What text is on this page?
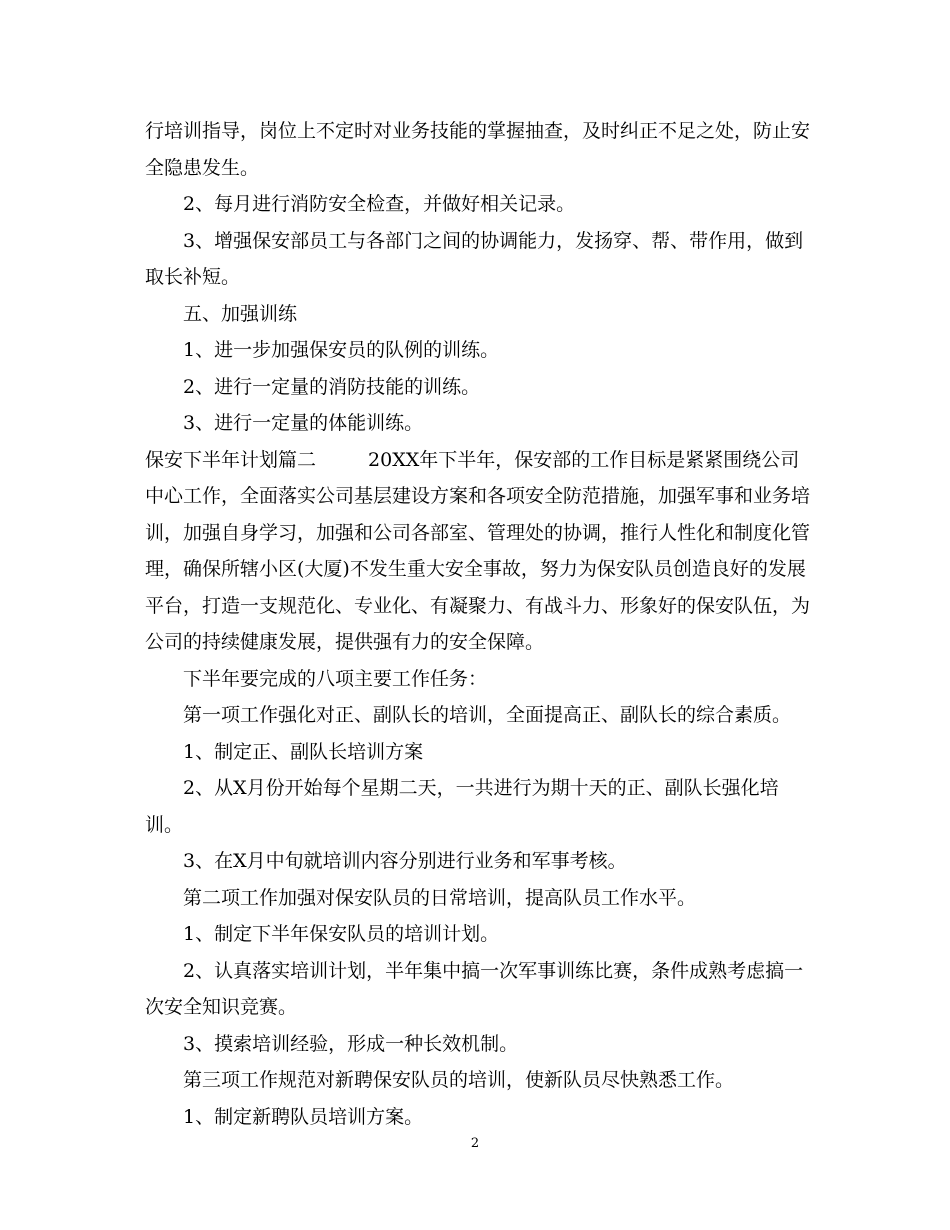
行培训指导，岗位上不定时对业务技能的掌握抽查，及时纠正不足之处，防止安全隐患发生。

2、每月进行消防安全检查，并做好相关记录。

3、增强保安部员工与各部门之间的协调能力，发扬穿、帮、带作用，做到取长补短。

五、加强训练

1、进一步加强保安员的队例的训练。

2、进行一定量的消防技能的训练。

3、进行一定量的体能训练。

保安下半年计划篇二	20XX年下半年，保安部的工作目标是紧紧围绕公司中心工作，全面落实公司基层建设方案和各项安全防范措施，加强军事和业务培训，加强自身学习，加强和公司各部室、管理处的协调，推行人性化和制度化管理，确保所辖小区(大厦)不发生重大安全事故，努力为保安队员创造良好的发展平台，打造一支规范化、专业化、有凝聚力、有战斗力、形象好的保安队伍，为公司的持续健康发展，提供强有力的安全保障。

下半年要完成的八项主要工作任务：

第一项工作强化对正、副队长的培训，全面提高正、副队长的综合素质。

1、制定正、副队长培训方案

2、从X月份开始每个星期二天，一共进行为期十天的正、副队长强化培训。

3、在X月中旬就培训内容分别进行业务和军事考核。

第二项工作加强对保安队员的日常培训，提高队员工作水平。

1、制定下半年保安队员的培训计划。

2、认真落实培训计划，半年集中搞一次军事训练比赛，条件成熟考虑搞一次安全知识竞赛。

3、摸索培训经验，形成一种长效机制。

第三项工作规范对新聘保安队员的培训，使新队员尽快熟悉工作。

1、制定新聘队员培训方案。

2
